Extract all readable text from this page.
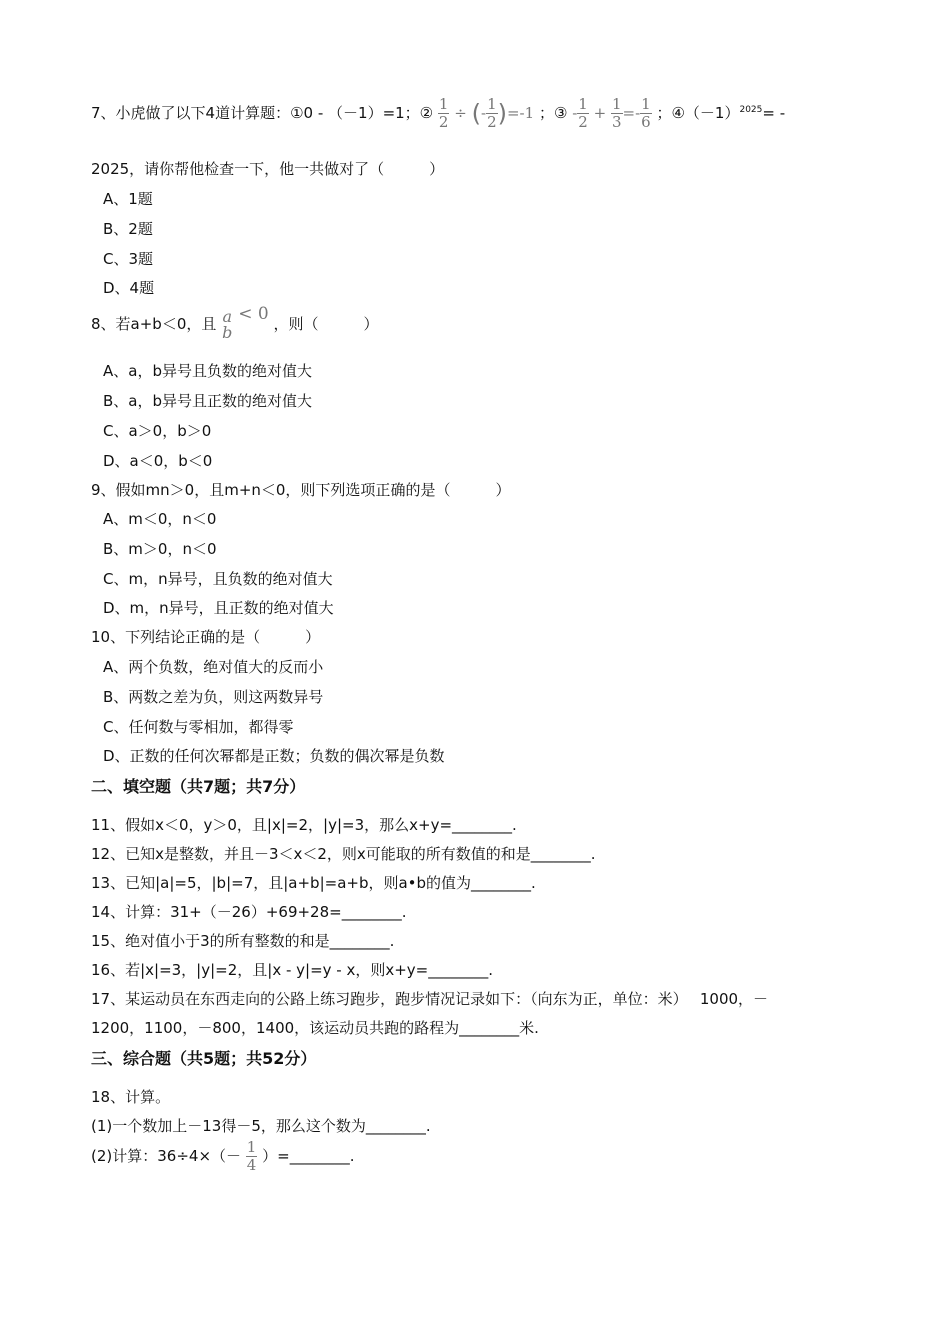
7、小虎做了以下4道计算题：①0 - （－1）=1；② $\frac{1}{2}$ ÷ (- $\frac{1}{2} )=-1$ ；③ - $\frac{1}{2} + \frac{1}{3} =- \frac{1}{6}$ ；$④(-1)^{2025}=$ -
2025，请你帮他检查一下，他一共做对了（　　　）
A、1题
B、2题
C、3题
D、4题
8、若a+b＜0，且 a
b
< 0 ，则（　　　）
A、a，b异号且负数的绝对值大
B、a，b异号且正数的绝对值大
C、a＞0，b＞0
D、a＜0，b＜0
9、假如mn＞0，且m+n＜0，则下列选项正确的是（　　　）
A、m＜0，n＜0
B、m＞0，n＜0
C、m，n异号，且负数的绝对值大
D、m，n异号，且正数的绝对值大
10、下列结论正确的是（　　　）
A、两个负数，绝对值大的反而小
B、两数之差为负，则这两数异号
C、任何数与零相加，都得零
D、正数的任何次幂都是正数；负数的偶次幂是负数
二、填空题（共7题；共7分）
11、假如x＜0，y＞0，且|x|=2，|y|=3，那么x+y=________.
12、已知x是整数，并且－3＜x＜2，则x可能取的所有数值的和是________.
13、已知|a|=5，|b|=7，且|a+b|=a+b，则a•b的值为________.
14、计算：31+（－26）+69+28=________.
15、绝对值小于3的所有整数的和是________.
16、若|x|=3，|y|=2，且|x - y|=y - x，则x+y=________.
17、某运动员在东西走向的公路上练习跑步，跑步情况记录如下：（向东为正，单位：米）　 1000，－
1200，1100，－800，1400，该运动员共跑的路程为________米.
三、综合题（共5题；共52分）
18、计算。
(1)一个数加上－13得－5，那么这个数为________.
(2)计算：$36\div 4\times(- \frac{1}{4}$ ）=________.
